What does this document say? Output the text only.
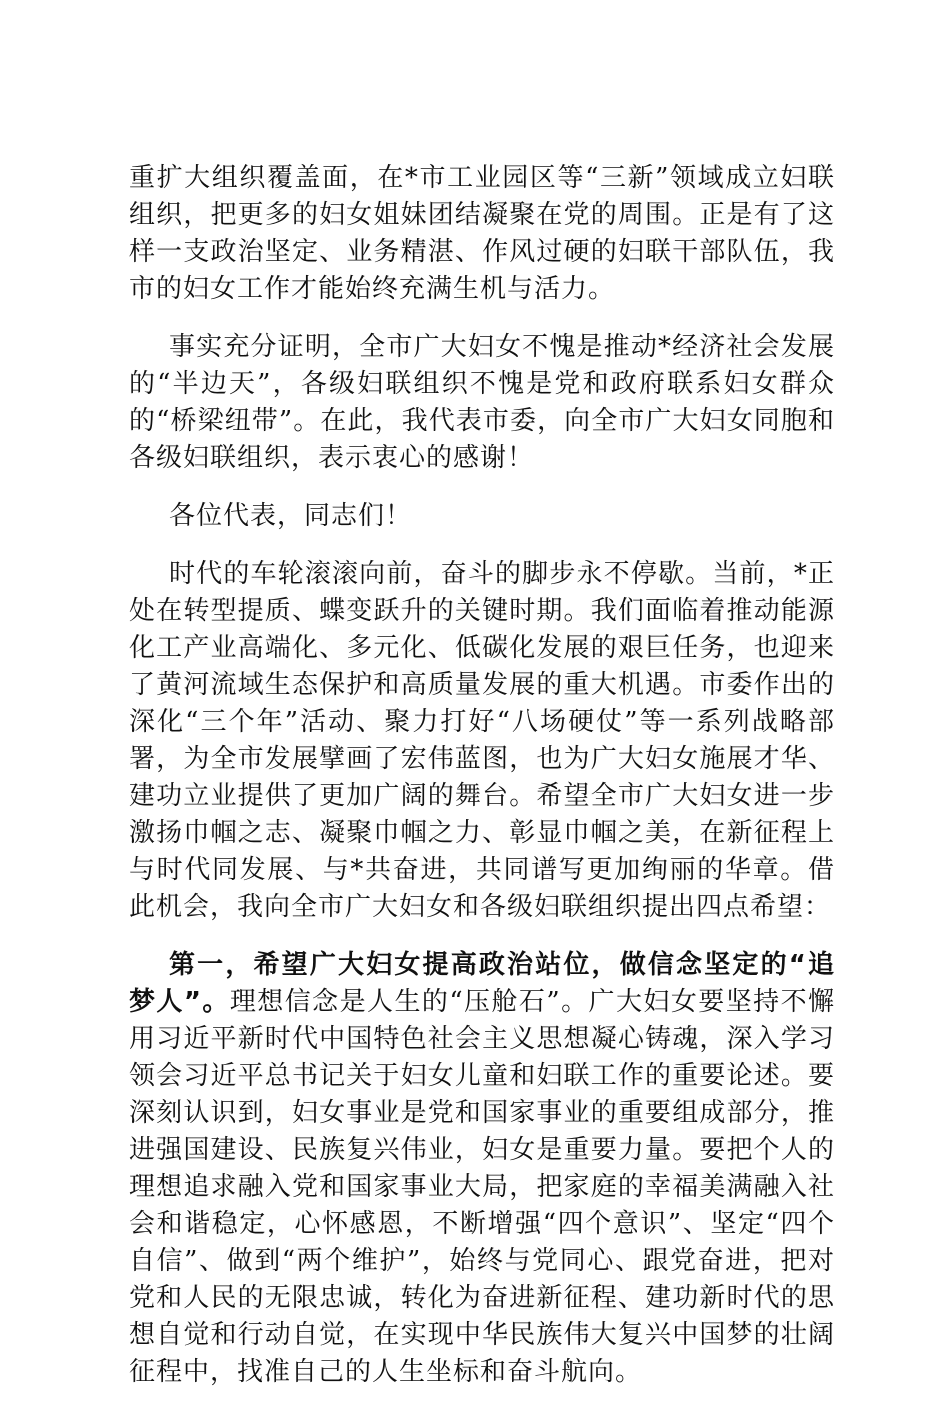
重扩大组织覆盖面，在*市工业园区等“三新”领域成立妇联组织，把更多的妇女姐妹团结凝聚在党的周围。正是有了这样一支政治坚定、业务精湛、作风过硬的妇联干部队伍，我市的妇女工作才能始终充满生机与活力。

事实充分证明，全市广大妇女不愧是推动*经济社会发展的“半边天”，各级妇联组织不愧是党和政府联系妇女群众的“桥梁纽带”。在此，我代表市委，向全市广大妇女同胞和各级妇联组织，表示衷心的感谢！

各位代表，同志们！

时代的车轮滚滚向前，奋斗的脚步永不停歇。当前，*正处在转型提质、蝶变跃升的关键时期。我们面临着推动能源化工产业高端化、多元化、低碳化发展的艰巨任务，也迎来了黄河流域生态保护和高质量发展的重大机遇。市委作出的深化“三个年”活动、聚力打好“八场硬仗”等一系列战略部署，为全市发展擘画了宏伟蓝图，也为广大妇女施展才华、建功立业提供了更加广阔的舞台。希望全市广大妇女进一步激扬巾帼之志、凝聚巾帼之力、彰显巾帼之美，在新征程上与时代同发展、与*共奋进，共同谱写更加绚丽的华章。借此机会，我向全市广大妇女和各级妇联组织提出四点希望：

第一，希望广大妇女提高政治站位，做信念坚定的“追梦人”。理想信念是人生的“压舱石”。广大妇女要坚持不懈用习近平新时代中国特色社会主义思想凝心铸魂，深入学习领会习近平总书记关于妇女儿童和妇联工作的重要论述。要深刻认识到，妇女事业是党和国家事业的重要组成部分，推进强国建设、民族复兴伟业，妇女是重要力量。要把个人的理想追求融入党和国家事业大局，把家庭的幸福美满融入社会和谐稳定，心怀感恩，不断增强“四个意识”、坚定“四个自信”、做到“两个维护”，始终与党同心、跟党奋进，把对党和人民的无限忠诚，转化为奋进新征程、建功新时代的思想自觉和行动自觉，在实现中华民族伟大复兴中国梦的壮阔征程中，找准自己的人生坐标和奋斗航向。
